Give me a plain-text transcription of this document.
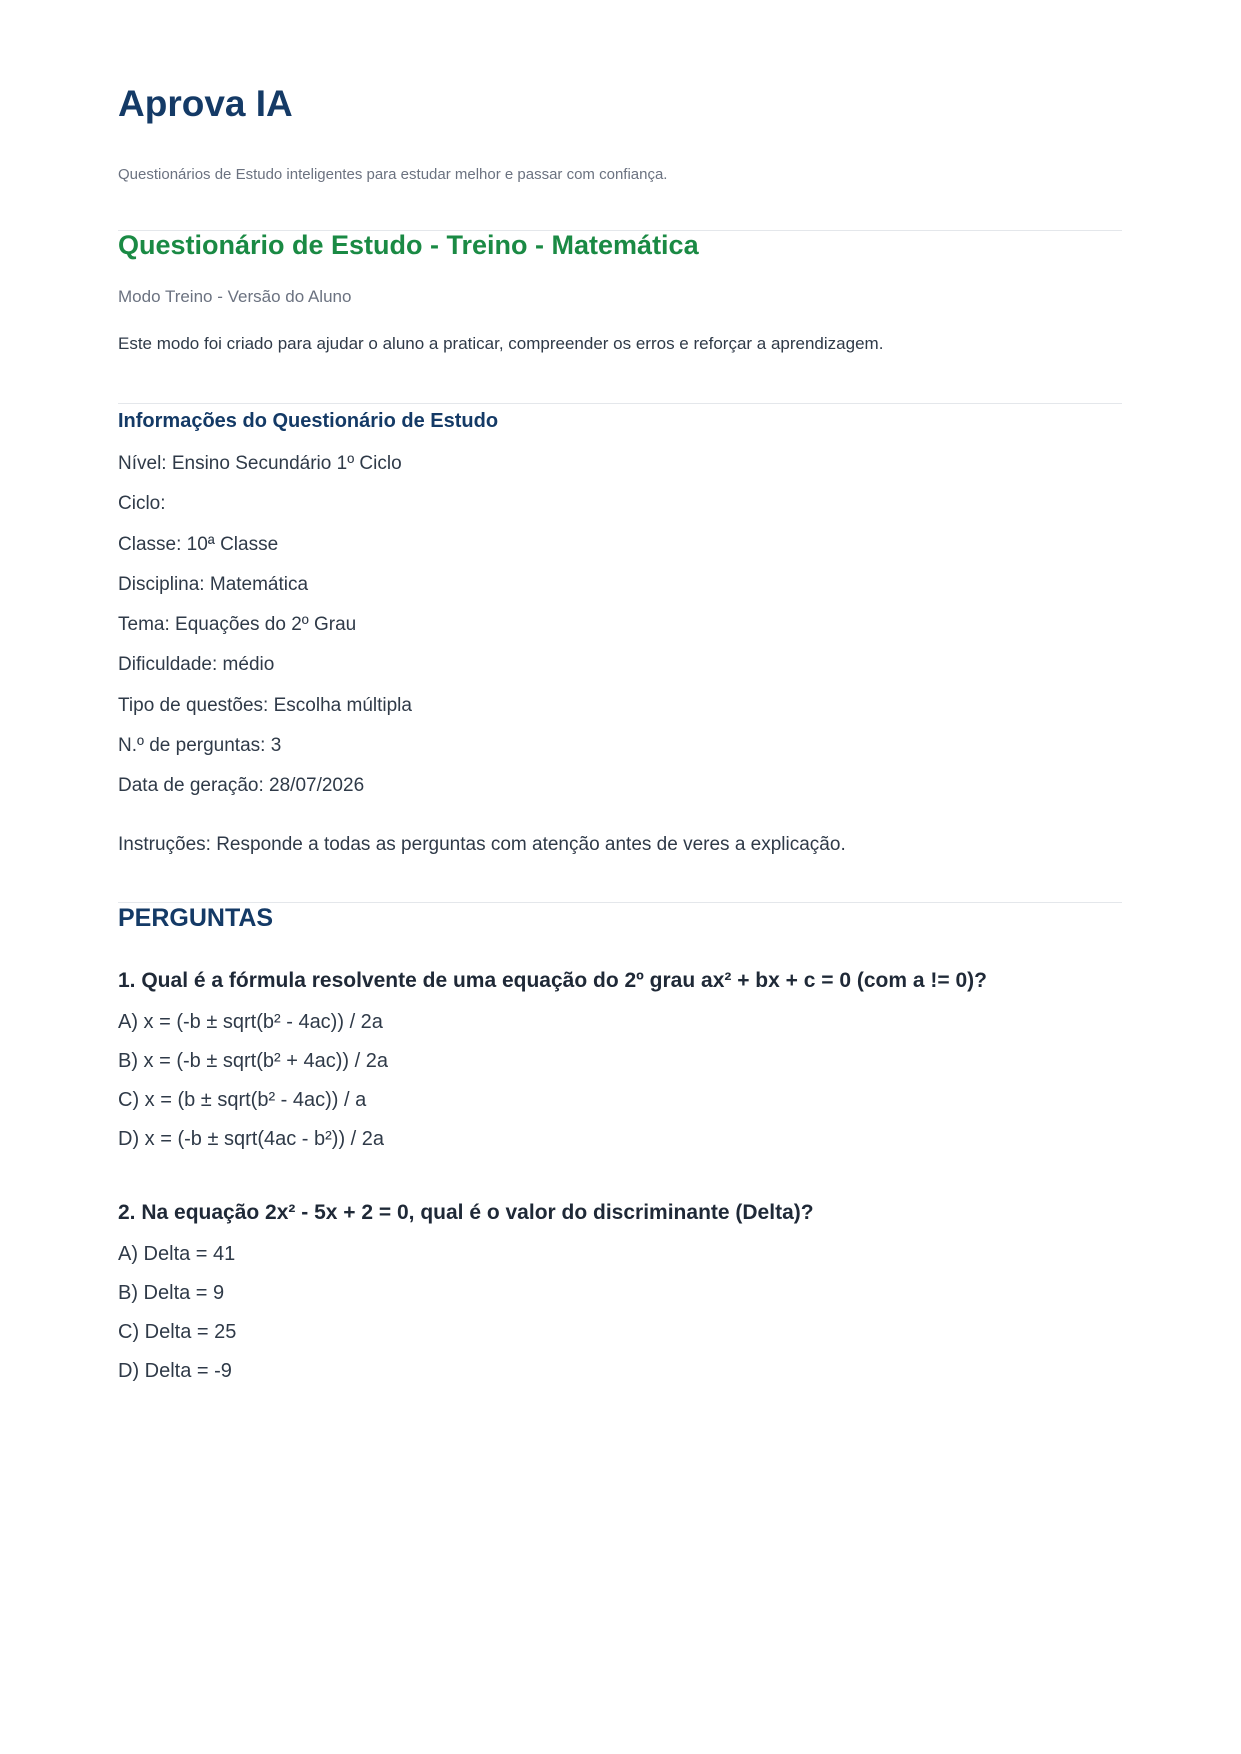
Aprova IA
Questionários de Estudo inteligentes para estudar melhor e passar com confiança.
Questionário de Estudo - Treino - Matemática
Modo Treino - Versão do Aluno
Este modo foi criado para ajudar o aluno a praticar, compreender os erros e reforçar a aprendizagem.
Informações do Questionário de Estudo
Nível: Ensino Secundário 1º Ciclo
Ciclo:
Classe: 10ª Classe
Disciplina: Matemática
Tema: Equações do 2º Grau
Dificuldade: médio
Tipo de questões: Escolha múltipla
N.º de perguntas: 3
Data de geração: 28/07/2026
Instruções: Responde a todas as perguntas com atenção antes de veres a explicação.
PERGUNTAS

1. Qual é a fórmula resolvente de uma equação do 2º grau ax² + bx + c = 0 (com a != 0)?

A) x = (-b ± sqrt(b² - 4ac)) / 2a
B) x = (-b ± sqrt(b² + 4ac)) / 2a
C) x = (b ± sqrt(b² - 4ac)) / a
D) x = (-b ± sqrt(4ac - b²)) / 2a

2. Na equação 2x² - 5x + 2 = 0, qual é o valor do discriminante (Delta)?

A) Delta = 41
B) Delta = 9
C) Delta = 25
D) Delta = -9
